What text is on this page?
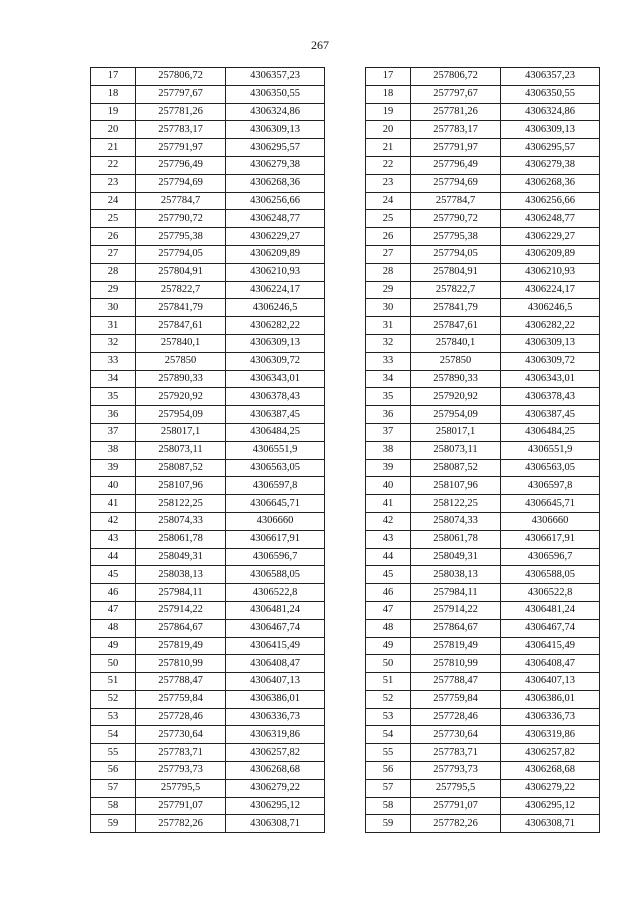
267
17	257806,72	4306357,23
18	257797,67	4306350,55
19	257781,26	4306324,86
20	257783,17	4306309,13
21	257791,97	4306295,57
22	257796,49	4306279,38
23	257794,69	4306268,36
24	257784,7	4306256,66
25	257790,72	4306248,77
26	257795,38	4306229,27
27	257794,05	4306209,89
28	257804,91	4306210,93
29	257822,7	4306224,17
30	257841,79	4306246,5
31	257847,61	4306282,22
32	257840,1	4306309,13
33	257850	4306309,72
34	257890,33	4306343,01
35	257920,92	4306378,43
36	257954,09	4306387,45
37	258017,1	4306484,25
38	258073,11	4306551,9
39	258087,52	4306563,05
40	258107,96	4306597,8
41	258122,25	4306645,71
42	258074,33	4306660
43	258061,78	4306617,91
44	258049,31	4306596,7
45	258038,13	4306588,05
46	257984,11	4306522,8
47	257914,22	4306481,24
48	257864,67	4306467,74
49	257819,49	4306415,49
50	257810,99	4306408,47
51	257788,47	4306407,13
52	257759,84	4306386,01
53	257728,46	4306336,73
54	257730,64	4306319,86
55	257783,71	4306257,82
56	257793,73	4306268,68
57	257795,5	4306279,22
58	257791,07	4306295,12
59	257782,26	4306308,71
17	257806,72	4306357,23
18	257797,67	4306350,55
19	257781,26	4306324,86
20	257783,17	4306309,13
21	257791,97	4306295,57
22	257796,49	4306279,38
23	257794,69	4306268,36
24	257784,7	4306256,66
25	257790,72	4306248,77
26	257795,38	4306229,27
27	257794,05	4306209,89
28	257804,91	4306210,93
29	257822,7	4306224,17
30	257841,79	4306246,5
31	257847,61	4306282,22
32	257840,1	4306309,13
33	257850	4306309,72
34	257890,33	4306343,01
35	257920,92	4306378,43
36	257954,09	4306387,45
37	258017,1	4306484,25
38	258073,11	4306551,9
39	258087,52	4306563,05
40	258107,96	4306597,8
41	258122,25	4306645,71
42	258074,33	4306660
43	258061,78	4306617,91
44	258049,31	4306596,7
45	258038,13	4306588,05
46	257984,11	4306522,8
47	257914,22	4306481,24
48	257864,67	4306467,74
49	257819,49	4306415,49
50	257810,99	4306408,47
51	257788,47	4306407,13
52	257759,84	4306386,01
53	257728,46	4306336,73
54	257730,64	4306319,86
55	257783,71	4306257,82
56	257793,73	4306268,68
57	257795,5	4306279,22
58	257791,07	4306295,12
59	257782,26	4306308,71
